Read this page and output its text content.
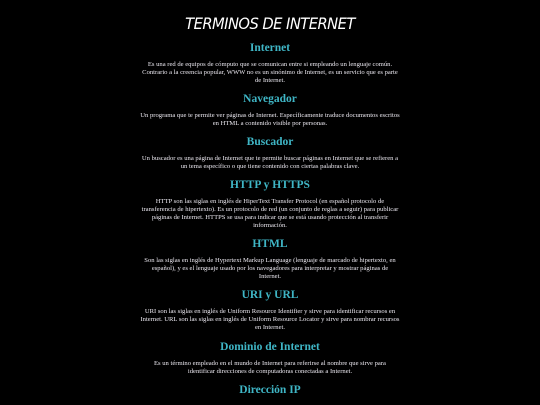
TERMINOS DE INTERNET
Internet

Es una red de equipos de cómputo que se comunican entre si empleando un lenguaje común. Contrario a la creencia popular, WWW no es un sinónimo de Internet, es un servicio que es parte de Internet.

Navegador

Un programa que te permite ver páginas de Internet. Específicamente traduce documentos escritos en HTML a contenido visible por personas.

Buscador

Un buscador es una página de Internet que te permite buscar páginas en Internet que se refieren a un tema específico o que tiene contenido con ciertas palabras clave.

HTTP y HTTPS

HTTP son las siglas en inglés de HiperText Transfer Protocol (en español protocolo de transferencia de hipertexto). Es un protocolo de red (un conjunto de reglas a seguir) para publicar páginas de Internet. HTTPS se usa para indicar que se está usando protección al transferir información.

HTML

Son las siglas en inglés de Hypertext Markup Language (lenguaje de marcado de hipertexto, en español), y es el lenguaje usado por los navegadores para interpretar y mostrar páginas de Internet.

URI y URL

URI son las siglas en inglés de Uniform Resource Identifier y sirve para identificar recursos en Internet. URL son las siglas en inglés de Uniform Resource Locator y sirve para nombrar recursos en Internet.

Dominio de Internet

Es un término empleado en el mundo de Internet para referirse al nombre que sirve para identificar direcciones de computadoras conectadas a Internet.

Dirección IP
